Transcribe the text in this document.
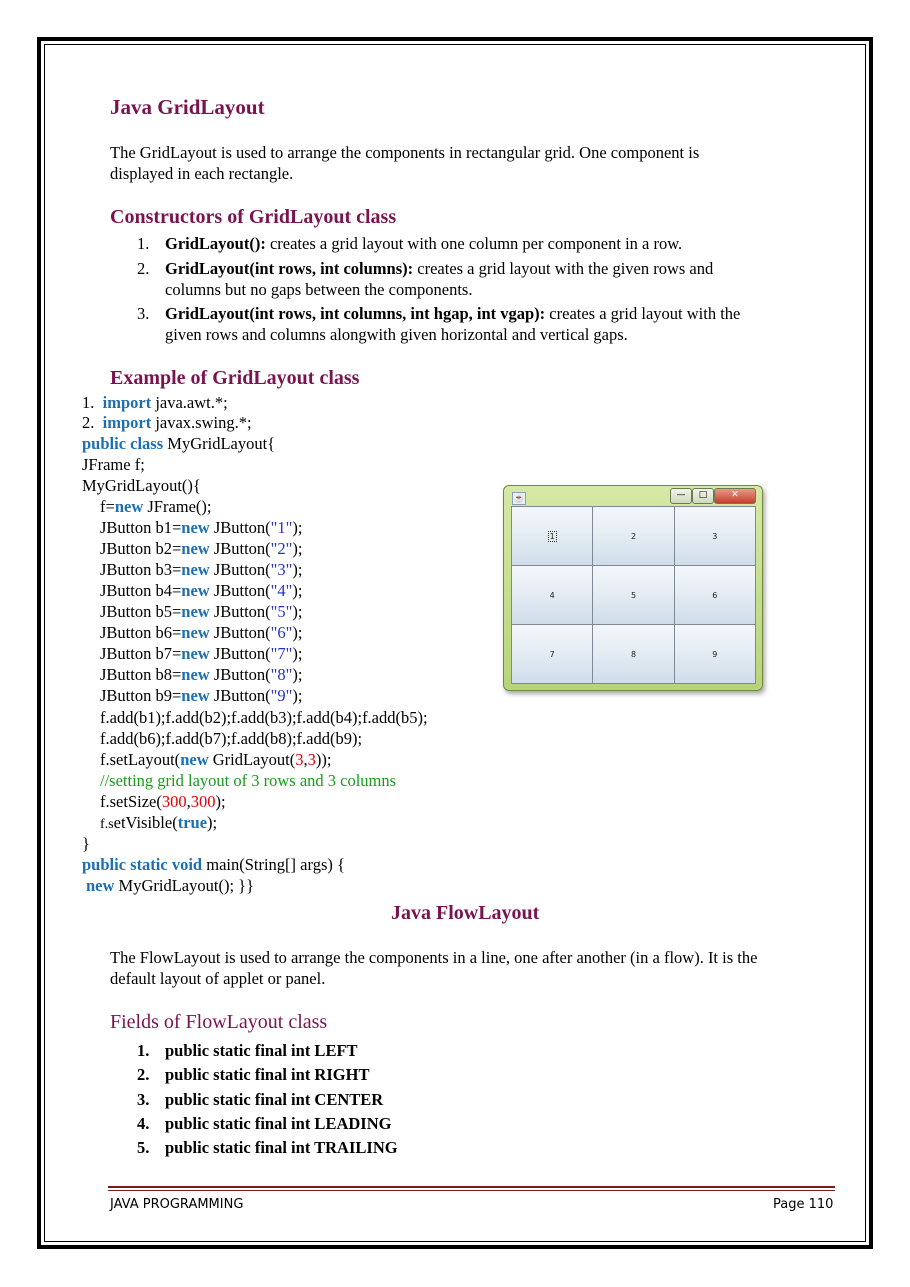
Java GridLayout
The GridLayout is used to arrange the components in rectangular grid. One component is
displayed in each rectangle.
Constructors of GridLayout class
1. GridLayout(): creates a grid layout with one column per component in a row.
2. GridLayout(int rows, int columns): creates a grid layout with the given rows and
columns but no gaps between the components.
3. GridLayout(int rows, int columns, int hgap, int vgap): creates a grid layout with the
given rows and columns alongwith given horizontal and vertical gaps.
Example of GridLayout class
1. import java.awt.*;
2. import javax.swing.*;
public class MyGridLayout{
JFrame f;
MyGridLayout(){
f=new JFrame();
JButton b1=new JButton("1");
JButton b2=new JButton("2");
JButton b3=new JButton("3");
JButton b4=new JButton("4");
JButton b5=new JButton("5");
JButton b6=new JButton("6");
JButton b7=new JButton("7");
JButton b8=new JButton("8");
JButton b9=new JButton("9");
f.add(b1);f.add(b2);f.add(b3);f.add(b4);f.add(b5);
f.add(b6);f.add(b7);f.add(b8);f.add(b9);
f.setLayout(new GridLayout(3,3));
//setting grid layout of 3 rows and 3 columns
f.setSize(300,300);
f.setVisible(true);
}
public static void main(String[] args) {
new MyGridLayout(); }}
☕	—	□	✕
1	2	3
4	5	6
7	8	9
Java FlowLayout
The FlowLayout is used to arrange the components in a line, one after another (in a flow). It is the
default layout of applet or panel.
Fields of FlowLayout class
1. public static final int LEFT
2. public static final int RIGHT
3. public static final int CENTER
4. public static final int LEADING
5. public static final int TRAILING
JAVA PROGRAMMING	Page 110
